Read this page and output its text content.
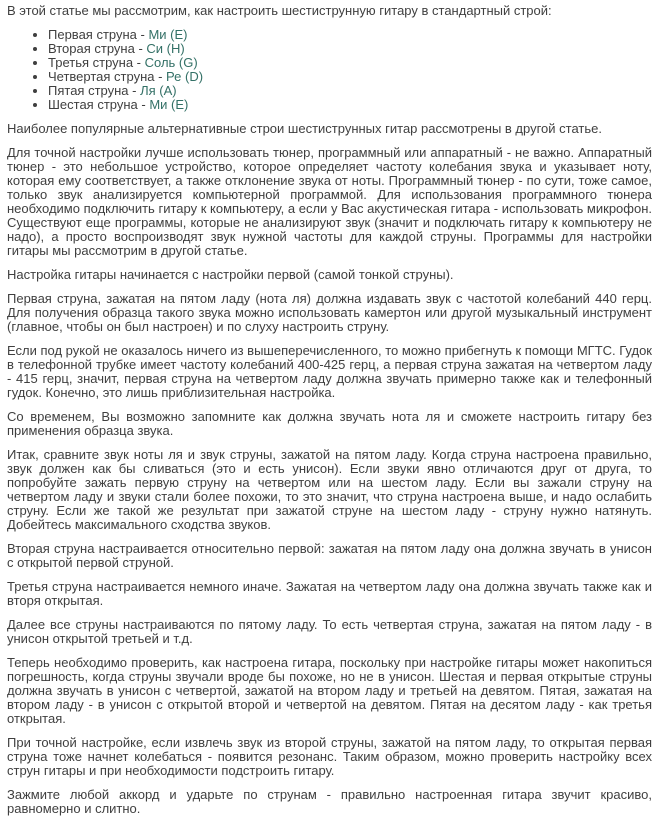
В этой статье мы рассмотрим, как настроить шестиструнную гитару в стандартный строй:

• Первая струна - Ми (E)
• Вторая струна - Си (H)
• Третья струна - Соль (G)
• Четвертая струна - Ре (D)
• Пятая струна - Ля (A)
• Шестая струна - Ми (E)

Наиболее популярные альтернативные строи шестиструнных гитар рассмотрены в другой статье.

Для точной настройки лучше использовать тюнер, программный или аппаратный - не важно. Аппаратный тюнер - это небольшое устройство, которое определяет частоту колебания звука и указывает ноту, которая ему соответствует, а также отклонение звука от ноты. Программный тюнер - по сути, тоже самое, только звук анализируется компьютерной программой. Для использования программного тюнера необходимо подключить гитару к компьютеру, а если у Вас акустическая гитара - использовать микрофон. Существуют еще программы, которые не анализируют звук (значит и подключать гитару к компьютеру не надо), а просто воспроизводят звук нужной частоты для каждой струны. Программы для настройки гитары мы рассмотрим в другой статье.

Настройка гитары начинается с настройки первой (самой тонкой струны).

Первая струна, зажатая на пятом ладу (нота ля) должна издавать звук с частотой колебаний 440 герц. Для получения образца такого звука можно использовать камертон или другой музыкальный инструмент (главное, чтобы он был настроен) и по слуху настроить струну.

Если под рукой не оказалось ничего из вышеперечисленного, то можно прибегнуть к помощи МГТС. Гудок в телефонной трубке имеет частоту колебаний 400-425 герц, а первая струна зажатая на четвертом ладу - 415 герц, значит, первая струна на четвертом ладу должна звучать примерно также как и телефонный гудок. Конечно, это лишь приблизительная настройка.

Со временем, Вы возможно запомните как должна звучать нота ля и сможете настроить гитару без применения образца звука.

Итак, сравните звук ноты ля и звук струны, зажатой на пятом ладу. Когда струна настроена правильно, звук должен как бы сливаться (это и есть унисон). Если звуки явно отличаются друг от друга, то попробуйте зажать первую струну на четвертом или на шестом ладу. Если вы зажали струну на четвертом ладу и звуки стали более похожи, то это значит, что струна настроена выше, и надо ослабить струну. Если же такой же результат при зажатой струне на шестом ладу - струну нужно натянуть. Добейтесь максимального сходства звуков.

Вторая струна настраивается относительно первой: зажатая на пятом ладу она должна звучать в унисон с открытой первой струной.

Третья струна настраивается немного иначе. Зажатая на четвертом ладу она должна звучать также как и вторя открытая.

Далее все струны настраиваются по пятому ладу. То есть четвертая струна, зажатая на пятом ладу - в унисон открытой третьей и т.д.

Теперь необходимо проверить, как настроена гитара, поскольку при настройке гитары может накопиться погрешность, когда струны звучали вроде бы похоже, но не в унисон. Шестая и первая открытые струны должна звучать в унисон с четвертой, зажатой на втором ладу и третьей на девятом. Пятая, зажатая на втором ладу - в унисон с открытой второй и четвертой на девятом. Пятая на десятом ладу - как третья открытая.

При точной настройке, если извлечь звук из второй струны, зажатой на пятом ладу, то открытая первая струна тоже начнет колебаться - появится резонанс. Таким образом, можно проверить настройку всех струн гитары и при необходимости подстроить гитару.

Зажмите любой аккорд и ударьте по струнам - правильно настроенная гитара звучит красиво, равномерно и слитно.
